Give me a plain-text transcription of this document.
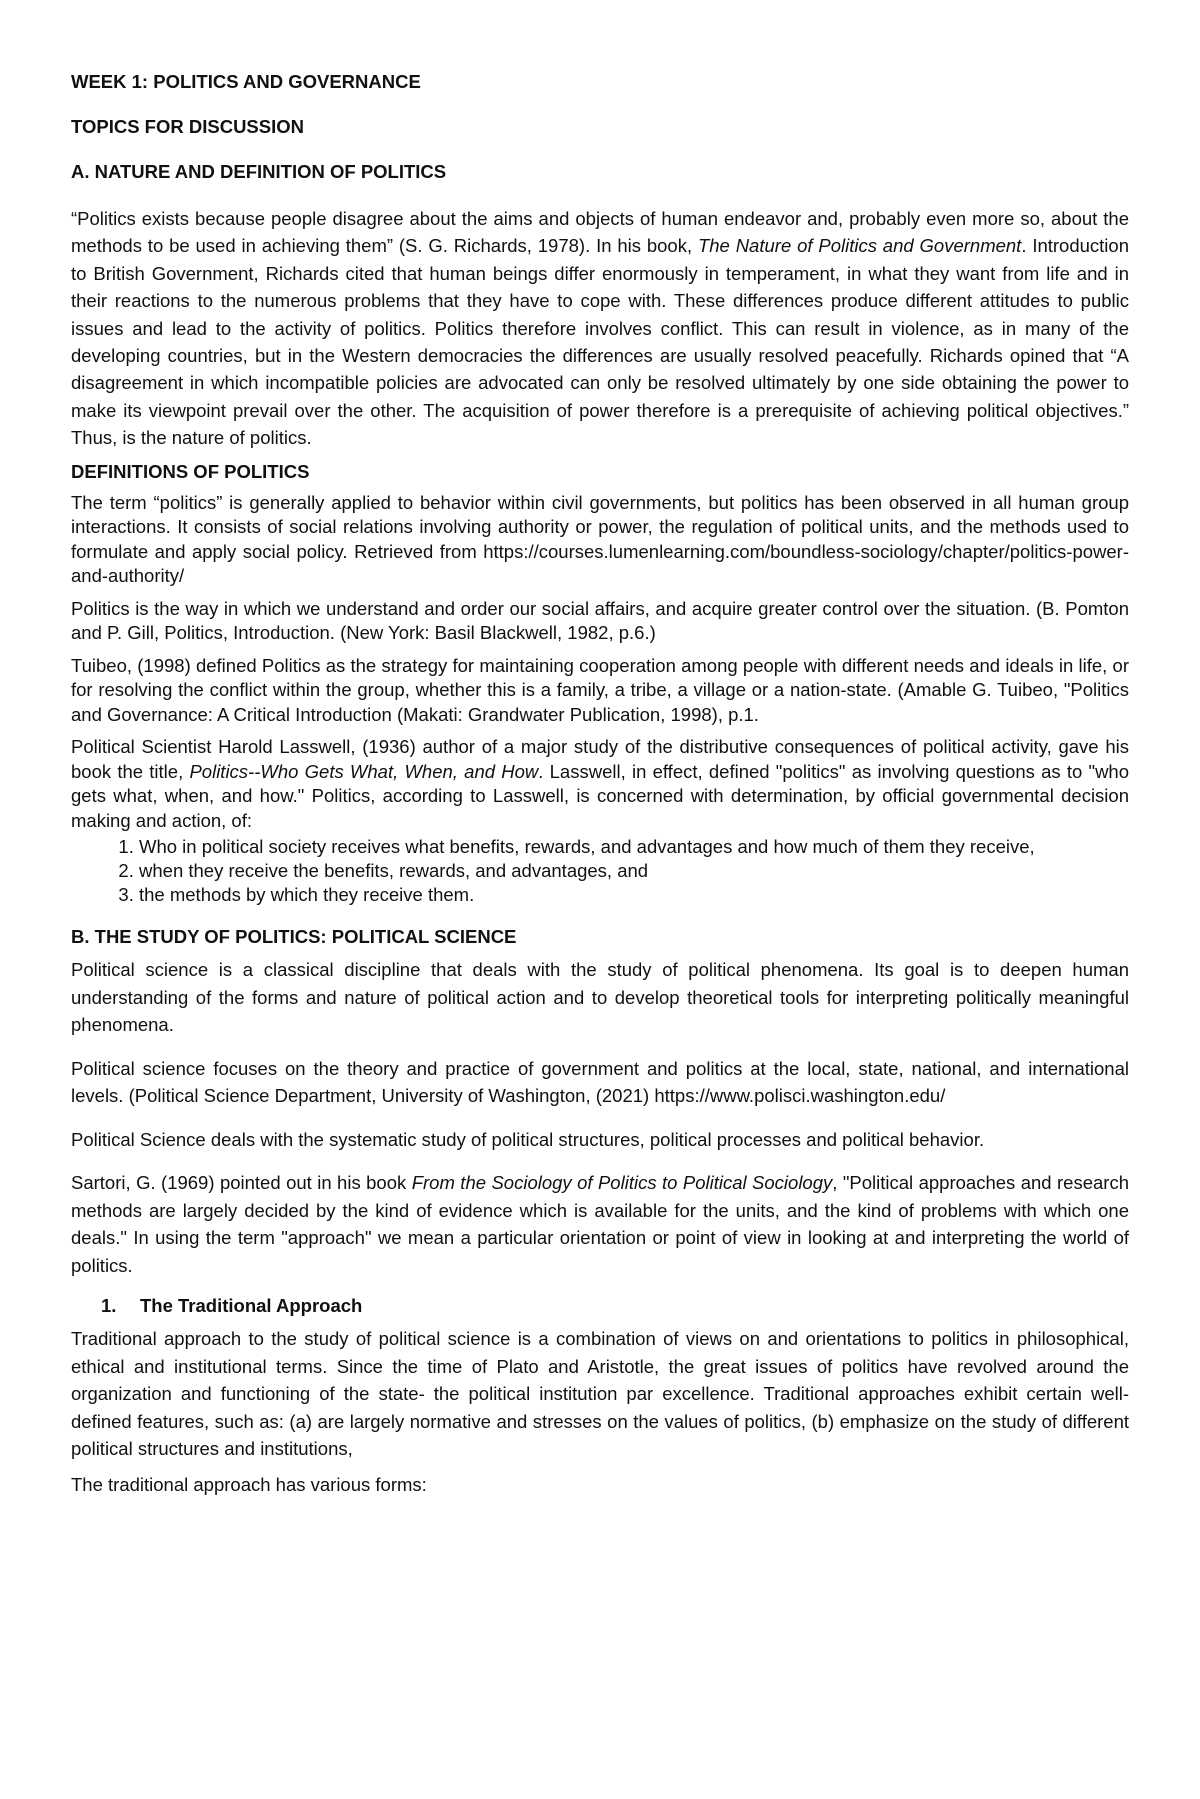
WEEK 1: POLITICS AND GOVERNANCE
TOPICS FOR DISCUSSION
A. NATURE AND DEFINITION OF POLITICS

“Politics exists because people disagree about the aims and objects of human endeavor and, probably even more so, about the methods to be used in achieving them” (S. G. Richards, 1978). In his book, The Nature of Politics and Government. Introduction to British Government, Richards cited that human beings differ enormously in temperament, in what they want from life and in their reactions to the numerous problems that they have to cope with. These differences produce different attitudes to public issues and lead to the activity of politics. Politics therefore involves conflict. This can result in violence, as in many of the developing countries, but in the Western democracies the differences are usually resolved peacefully. Richards opined that “A disagreement in which incompatible policies are advocated can only be resolved ultimately by one side obtaining the power to make its viewpoint prevail over the other. The acquisition of power therefore is a prerequisite of achieving political objectives.” Thus, is the nature of politics.

DEFINITIONS OF POLITICS

The term “politics” is generally applied to behavior within civil governments, but politics has been observed in all human group interactions. It consists of social relations involving authority or power, the regulation of political units, and the methods used to formulate and apply social policy. Retrieved from https://courses.lumenlearning.com/boundless-sociology/chapter/politics-power-and-authority/

Politics is the way in which we understand and order our social affairs, and acquire greater control over the situation. (B. Pomton and P. Gill, Politics, Introduction. (New York: Basil Blackwell, 1982, p.6.)

Tuibeo, (1998) defined Politics as the strategy for maintaining cooperation among people with different needs and ideals in life, or for resolving the conflict within the group, whether this is a family, a tribe, a village or a nation-state. (Amable G. Tuibeo, "Politics and Governance: A Critical Introduction (Makati: Grandwater Publication, 1998), p.1.

Political Scientist Harold Lasswell, (1936) author of a major study of the distributive consequences of political activity, gave his book the title, Politics--Who Gets What, When, and How. Lasswell, in effect, defined "politics" as involving questions as to "who gets what, when, and how." Politics, according to Lasswell, is concerned with determination, by official governmental decision making and action, of:

1. Who in political society receives what benefits, rewards, and advantages and how much of them they receive,
2. when they receive the benefits, rewards, and advantages, and
3. the methods by which they receive them.
B. THE STUDY OF POLITICS: POLITICAL SCIENCE

Political science is a classical discipline that deals with the study of political phenomena. Its goal is to deepen human understanding of the forms and nature of political action and to develop theoretical tools for interpreting politically meaningful phenomena.

Political science focuses on the theory and practice of government and politics at the local, state, national, and international levels. (Political Science Department, University of Washington, (2021) https://www.polisci.washington.edu/

Political Science deals with the systematic study of political structures, political processes and political behavior.

Sartori, G. (1969) pointed out in his book From the Sociology of Politics to Political Sociology, "Political approaches and research methods are largely decided by the kind of evidence which is available for the units, and the kind of problems with which one deals." In using the term "approach" we mean a particular orientation or point of view in looking at and interpreting the world of politics.

1.	The Traditional Approach

Traditional approach to the study of political science is a combination of views on and orientations to politics in philosophical, ethical and institutional terms. Since the time of Plato and Aristotle, the great issues of politics have revolved around the organization and functioning of the state- the political institution par excellence. Traditional approaches exhibit certain well-defined features, such as: (a) are largely normative and stresses on the values of politics, (b) emphasize on the study of different political structures and institutions,

The traditional approach has various forms:
